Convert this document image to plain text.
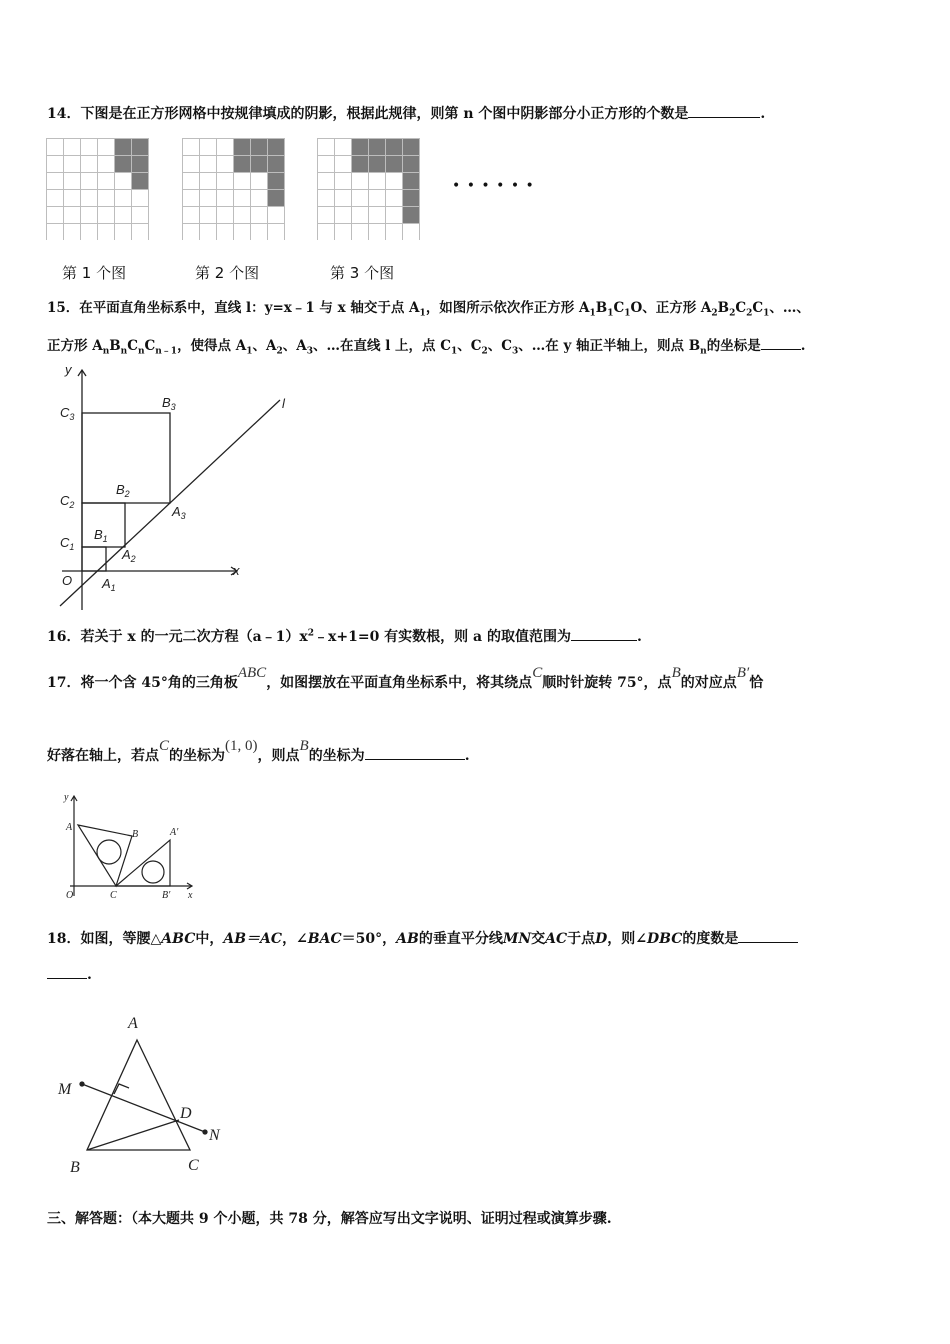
14．下图是在正方形网格中按规律填成的阴影，根据此规律，则第 n 个图中阴影部分小正方形的个数是	.
• • • • • •
第 1 个图	第 2 个图	第 3 个图
15．在平面直角坐标系中，直线 l：y=x﹣1 与 x 轴交于点 $A_1$，如图所示依次作正方形 $A_1B_1C_1O$、正方形 $A_2B_2C_2C_1$、…、
正方形 $A_nB_nC_nC_{n﹣1}$，使得点 $A_1$、$A_2$、$A_3$、…在直线 l 上，点 $C_1$、$C_2$、$C_3$、…在 y 轴正半轴上，则点 $B_n$的坐标是	.
y
x
O
l
$C_3$
$C_2$
$C_1$
$B_3$
$B_2$
$B_1$
$A_3$
$A_2$
$A_1$
16．若关于 x 的一元二次方程$(a﹣1)x^2﹣x+1=0$ 有实数根，则 a 的取值范围为	.
17．将一个含 45°角的三角板ABC，如图摆放在平面直角坐标系中，将其绕点C顺时针旋转 75°，点B的对应点B′恰
好落在轴上，若点C的坐标为(1, 0)，则点B的坐标为	.
y
A
B	A′
O	C	B′ x
18．如图，等腰△ABC中，AB＝AC，∠BAC＝50°，AB的垂直平分线MN交AC于点D，则∠DBC的度数是
.
A
M
D
N
B	C
三、解答题：（本大题共 9 个小题，共 78 分，解答应写出文字说明、证明过程或演算步骤.
